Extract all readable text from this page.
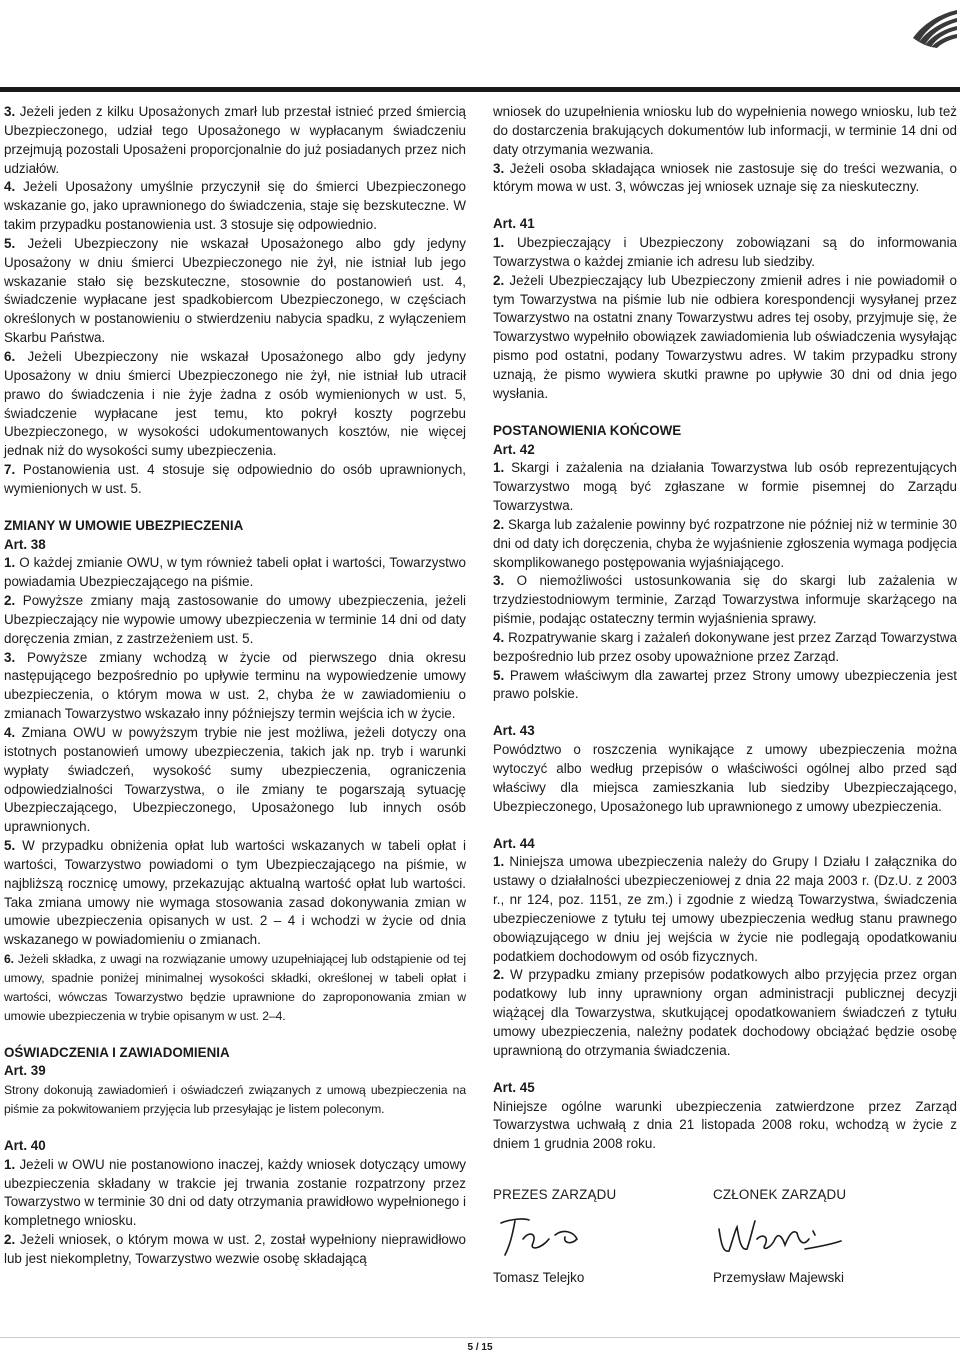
3. Jeżeli jeden z kilku Uposażonych zmarł lub przestał istnieć przed śmiercią Ubezpieczonego, udział tego Uposażonego w wypłacanym świadczeniu przejmują pozostali Uposażeni proporcjonalnie do już posiadanych przez nich udziałów.

4. Jeżeli Uposażony umyślnie przyczynił się do śmierci Ubezpieczonego wskazanie go, jako uprawnionego do świadczenia, staje się bezskuteczne. W takim przypadku postanowienia ust. 3 stosuje się odpowiednio.

5. Jeżeli Ubezpieczony nie wskazał Uposażonego albo gdy jedyny Uposażony w dniu śmierci Ubezpieczonego nie żył, nie istniał lub jego wskazanie stało się bezskuteczne, stosownie do postanowień ust. 4, świadczenie wypłacane jest spadkobiercom Ubezpieczonego, w częściach określonych w postanowieniu o stwierdzeniu nabycia spadku, z wyłączeniem Skarbu Państwa.

6. Jeżeli Ubezpieczony nie wskazał Uposażonego albo gdy jedyny Uposażony w dniu śmierci Ubezpieczonego nie żył, nie istniał lub utracił prawo do świadczenia i nie żyje żadna z osób wymienionych w ust. 5, świadczenie wypłacane jest temu, kto pokrył koszty pogrzebu Ubezpieczonego, w wysokości udokumentowanych kosztów, nie więcej jednak niż do wysokości sumy ubezpieczenia.

7. Postanowienia ust. 4 stosuje się odpowiednio do osób uprawnionych, wymienionych w ust. 5.

ZMIANY W UMOWIE UBEZPIECZENIA

Art. 38

1. O każdej zmianie OWU, w tym również tabeli opłat i wartości, Towarzystwo powiadamia Ubezpieczającego na piśmie.

2. Powyższe zmiany mają zastosowanie do umowy ubezpieczenia, jeżeli Ubezpieczający nie wypowie umowy ubezpieczenia w terminie 14 dni od daty doręczenia zmian, z zastrzeżeniem ust. 5.

3. Powyższe zmiany wchodzą w życie od pierwszego dnia okresu następującego bezpośrednio po upływie terminu na wypowiedzenie umowy ubezpieczenia, o którym mowa w ust. 2, chyba że w zawiadomieniu o zmianach Towarzystwo wskazało inny późniejszy termin wejścia ich w życie.

4. Zmiana OWU w powyższym trybie nie jest możliwa, jeżeli dotyczy ona istotnych postanowień umowy ubezpieczenia, takich jak np. tryb i warunki wypłaty świadczeń, wysokość sumy ubezpieczenia, ograniczenia odpowiedzialności Towarzystwa, o ile zmiany te pogarszają sytuację Ubezpieczającego, Ubezpieczonego, Uposażonego lub innych osób uprawnionych.

5. W przypadku obniżenia opłat lub wartości wskazanych w tabeli opłat i wartości, Towarzystwo powiadomi o tym Ubezpieczającego na piśmie, w najbliższą rocznicę umowy, przekazując aktualną wartość opłat lub wartości. Taka zmiana umowy nie wymaga stosowania zasad dokonywania zmian w umowie ubezpieczenia opisanych w ust. 2 – 4 i wchodzi w życie od dnia wskazanego w powiadomieniu o zmianach.

6. Jeżeli składka, z uwagi na rozwiązanie umowy uzupełniającej lub odstąpienie od tej umowy, spadnie poniżej minimalnej wysokości składki, określonej w tabeli opłat i wartości, wówczas Towarzystwo będzie uprawnione do zaproponowania zmian w umowie ubezpieczenia w trybie opisanym w ust. 2–4.

OŚWIADCZENIA I ZAWIADOMIENIA

Art. 39

Strony dokonują zawiadomień i oświadczeń związanych z umową ubezpieczenia na piśmie za pokwitowaniem przyjęcia lub przesyłając je listem poleconym.

Art. 40

1. Jeżeli w OWU nie postanowiono inaczej, każdy wniosek dotyczący umowy ubezpieczenia składany w trakcie jej trwania zostanie rozpatrzony przez Towarzystwo w terminie 30 dni od daty otrzymania prawidłowo wypełnionego i kompletnego wniosku.

2. Jeżeli wniosek, o którym mowa w ust. 2, został wypełniony nieprawidłowo lub jest niekompletny, Towarzystwo wezwie osobę składającą

wniosek do uzupełnienia wniosku lub do wypełnienia nowego wniosku, lub też do dostarczenia brakujących dokumentów lub informacji, w terminie 14 dni od daty otrzymania wezwania.

3. Jeżeli osoba składająca wniosek nie zastosuje się do treści wezwania, o którym mowa w ust. 3, wówczas jej wniosek uznaje się za nieskuteczny.

Art. 41

1. Ubezpieczający i Ubezpieczony zobowiązani są do informowania Towarzystwa o każdej zmianie ich adresu lub siedziby.

2. Jeżeli Ubezpieczający lub Ubezpieczony zmienił adres i nie powiadomił o tym Towarzystwa na piśmie lub nie odbiera korespondencji wysyłanej przez Towarzystwo na ostatni znany Towarzystwu adres tej osoby, przyjmuje się, że Towarzystwo wypełniło obowiązek zawiadomienia lub oświadczenia wysyłając pismo pod ostatni, podany Towarzystwu adres. W takim przypadku strony uznają, że pismo wywiera skutki prawne po upływie 30 dni od dnia jego wysłania.

POSTANOWIENIA KOŃCOWE

Art. 42

1. Skargi i zażalenia na działania Towarzystwa lub osób reprezentujących Towarzystwo mogą być zgłaszane w formie pisemnej do Zarządu Towarzystwa.

2. Skarga lub zażalenie powinny być rozpatrzone nie później niż w terminie 30 dni od daty ich doręczenia, chyba że wyjaśnienie zgłoszenia wymaga podjęcia skomplikowanego postępowania wyjaśniającego.

3. O niemożliwości ustosunkowania się do skargi lub zażalenia w trzydziestodniowym terminie, Zarząd Towarzystwa informuje skarżącego na piśmie, podając ostateczny termin wyjaśnienia sprawy.

4. Rozpatrywanie skarg i zażaleń dokonywane jest przez Zarząd Towarzystwa bezpośrednio lub przez osoby upoważnione przez Zarząd.

5. Prawem właściwym dla zawartej przez Strony umowy ubezpieczenia jest prawo polskie.

Art. 43

Powództwo o roszczenia wynikające z umowy ubezpieczenia można wytoczyć albo według przepisów o właściwości ogólnej albo przed sąd właściwy dla miejsca zamieszkania lub siedziby Ubezpieczającego, Ubezpieczonego, Uposażonego lub uprawnionego z umowy ubezpieczenia.

Art. 44

1. Niniejsza umowa ubezpieczenia należy do Grupy I Działu I załącznika do ustawy o działalności ubezpieczeniowej z dnia 22 maja 2003 r. (Dz.U. z 2003 r., nr 124, poz. 1151, ze zm.) i zgodnie z wiedzą Towarzystwa, świadczenia ubezpieczeniowe z tytułu tej umowy ubezpieczenia według stanu prawnego obowiązującego w dniu jej wejścia w życie nie podlegają opodatkowaniu podatkiem dochodowym od osób fizycznych.

2. W przypadku zmiany przepisów podatkowych albo przyjęcia przez organ podatkowy lub inny uprawniony organ administracji publicznej decyzji wiążącej dla Towarzystwa, skutkującej opodatkowaniem świadczeń z tytułu umowy ubezpieczenia, należny podatek dochodowy obciążać będzie osobę uprawnioną do otrzymania świadczenia.

Art. 45

Niniejsze ogólne warunki ubezpieczenia zatwierdzone przez Zarząd Towarzystwa uchwałą z dnia 21 listopada 2008 roku, wchodzą w życie z dniem 1 grudnia 2008 roku.

PREZES ZARZĄDU
Tomasz Telejko
CZŁONEK ZARZĄDU
Przemysław Majewski
5 / 15
